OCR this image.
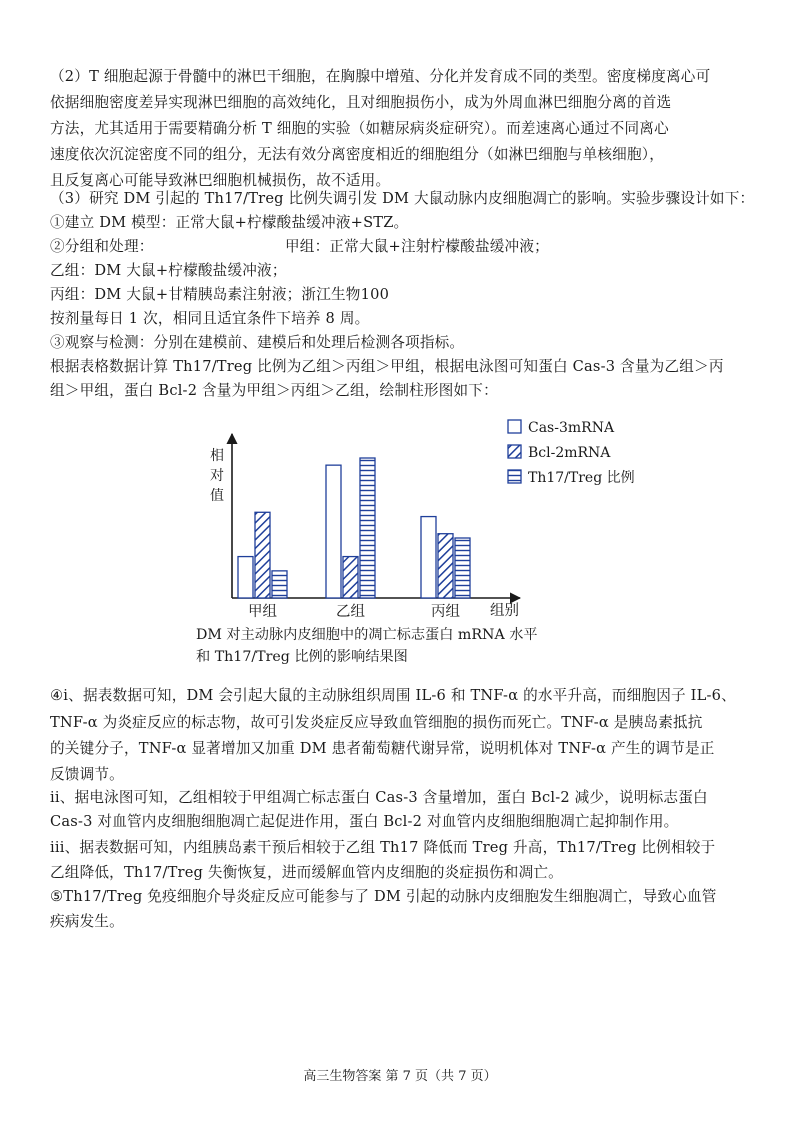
（2）T 细胞起源于骨髓中的淋巴干细胞，在胸腺中增殖、分化并发育成不同的类型。密度梯度离心可
依据细胞密度差异实现淋巴细胞的高效纯化，且对细胞损伤小，成为外周血淋巴细胞分离的首选
方法，尤其适用于需要精确分析 T 细胞的实验（如糖尿病炎症研究）。而差速离心通过不同离心
速度依次沉淀密度不同的组分，无法有效分离密度相近的细胞组分（如淋巴细胞与单核细胞），
且反复离心可能导致淋巴细胞机械损伤，故不适用。
（3）研究 DM 引起的 Th17/Treg 比例失调引发 DM 大鼠动脉内皮细胞凋亡的影响。实验步骤设计如下：
①建立 DM 模型：正常大鼠+柠檬酸盐缓冲液+STZ。
②分组和处理：	甲组：正常大鼠+注射柠檬酸盐缓冲液；
乙组：DM 大鼠+柠檬酸盐缓冲液；
丙组：DM 大鼠+甘精胰岛素注射液；浙江生物100
按剂量每日 1 次，相同且适宜条件下培养 8 周。
③观察与检测：分别在建模前、建模后和处理后检测各项指标。
根据表格数据计算 Th17/Treg 比例为乙组＞丙组＞甲组，根据电泳图可知蛋白 Cas-3 含量为乙组＞丙
组＞甲组，蛋白 Bcl-2 含量为甲组＞丙组＞乙组，绘制柱形图如下：
相
对
值
组别
甲组	乙组	丙组
Cas-3mRNA
Bcl-2mRNA
Th17/Treg 比例
DM 对主动脉内皮细胞中的凋亡标志蛋白 mRNA 水平
和 Th17/Treg 比例的影响结果图
④i、据表数据可知，DM 会引起大鼠的主动脉组织周围 IL-6 和 TNF-α 的水平升高，而细胞因子 IL-6、
TNF-α 为炎症反应的标志物，故可引发炎症反应导致血管细胞的损伤而死亡。TNF-α 是胰岛素抵抗
的关键分子，TNF-α 显著增加又加重 DM 患者葡萄糖代谢异常，说明机体对 TNF-α 产生的调节是正
反馈调节。
ii、据电泳图可知，乙组相较于甲组凋亡标志蛋白 Cas-3 含量增加，蛋白 Bcl-2 减少，说明标志蛋白
Cas-3 对血管内皮细胞细胞凋亡起促进作用，蛋白 Bcl-2 对血管内皮细胞细胞凋亡起抑制作用。
iii、据表数据可知，内组胰岛素干预后相较于乙组 Th17 降低而 Treg 升高，Th17/Treg 比例相较于
乙组降低，Th17/Treg 失衡恢复，进而缓解血管内皮细胞的炎症损伤和凋亡。
⑤Th17/Treg 免疫细胞介导炎症反应可能参与了 DM 引起的动脉内皮细胞发生细胞凋亡，导致心血管
疾病发生。
高三生物答案 第 7 页（共 7 页）
